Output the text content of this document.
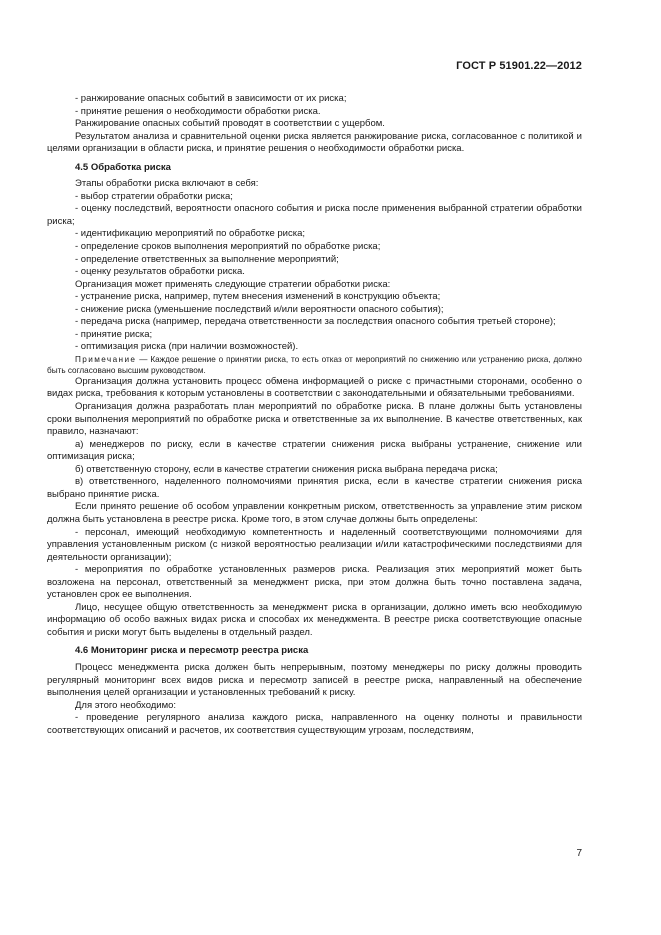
ГОСТ Р 51901.22—2012

- ранжирование опасных событий в зависимости от их риска;

- принятие решения о необходимости обработки риска.

Ранжирование опасных событий проводят в соответствии с ущербом.

Результатом анализа и сравнительной оценки риска является ранжирование риска, согласованное с политикой и целями организации в области риска, и принятие решения о необходимости обработки риска.

4.5 Обработка риска

Этапы обработки риска включают в себя:

- выбор стратегии обработки риска;

- оценку последствий, вероятности опасного события и риска после применения выбранной стратегии обработки риска;

- идентификацию мероприятий по обработке риска;

- определение сроков выполнения мероприятий по обработке риска;

- определение ответственных за выполнение мероприятий;

- оценку результатов обработки риска.

Организация может применять следующие стратегии обработки риска:

- устранение риска, например, путем внесения изменений в конструкцию объекта;

- снижение риска (уменьшение последствий и/или вероятности опасного события);

- передача риска (например, передача ответственности за последствия опасного события третьей стороне);

- принятие риска;

- оптимизация риска (при наличии возможностей).

Примечание — Каждое решение о принятии риска, то есть отказ от мероприятий по снижению или устранению риска, должно быть согласовано высшим руководством.

Организация должна установить процесс обмена информацией о риске с причастными сторонами, особенно о видах риска, требования к которым установлены в соответствии с законодательными и обязательными требованиями.

Организация должна разработать план мероприятий по обработке риска. В плане должны быть установлены сроки выполнения мероприятий по обработке риска и ответственные за их выполнение. В качестве ответственных, как правило, назначают:

а) менеджеров по риску, если в качестве стратегии снижения риска выбраны устранение, снижение или оптимизация риска;

б) ответственную сторону, если в качестве стратегии снижения риска выбрана передача риска;

в) ответственного, наделенного полномочиями принятия риска, если в качестве стратегии снижения риска выбрано принятие риска.

Если принято решение об особом управлении конкретным риском, ответственность за управление этим риском должна быть установлена в реестре риска. Кроме того, в этом случае должны быть определены:

- персонал, имеющий необходимую компетентность и наделенный соответствующими полномочиями для управления установленным риском (с низкой вероятностью реализации и/или катастрофическими последствиями для деятельности организации);

- мероприятия по обработке установленных размеров риска. Реализация этих мероприятий может быть возложена на персонал, ответственный за менеджмент риска, при этом должна быть точно поставлена задача, установлен срок ее выполнения.

Лицо, несущее общую ответственность за менеджмент риска в организации, должно иметь всю необходимую информацию об особо важных видах риска и способах их менеджмента. В реестре риска соответствующие опасные события и риски могут быть выделены в отдельный раздел.

4.6 Мониторинг риска и пересмотр реестра риска

Процесс менеджмента риска должен быть непрерывным, поэтому менеджеры по риску должны проводить регулярный мониторинг всех видов риска и пересмотр записей в реестре риска, направленный на обеспечение выполнения целей организации и установленных требований к риску.

Для этого необходимо:

- проведение регулярного анализа каждого риска, направленного на оценку полноты и правильности соответствующих описаний и расчетов, их соответствия существующим угрозам, последствиям,

7
